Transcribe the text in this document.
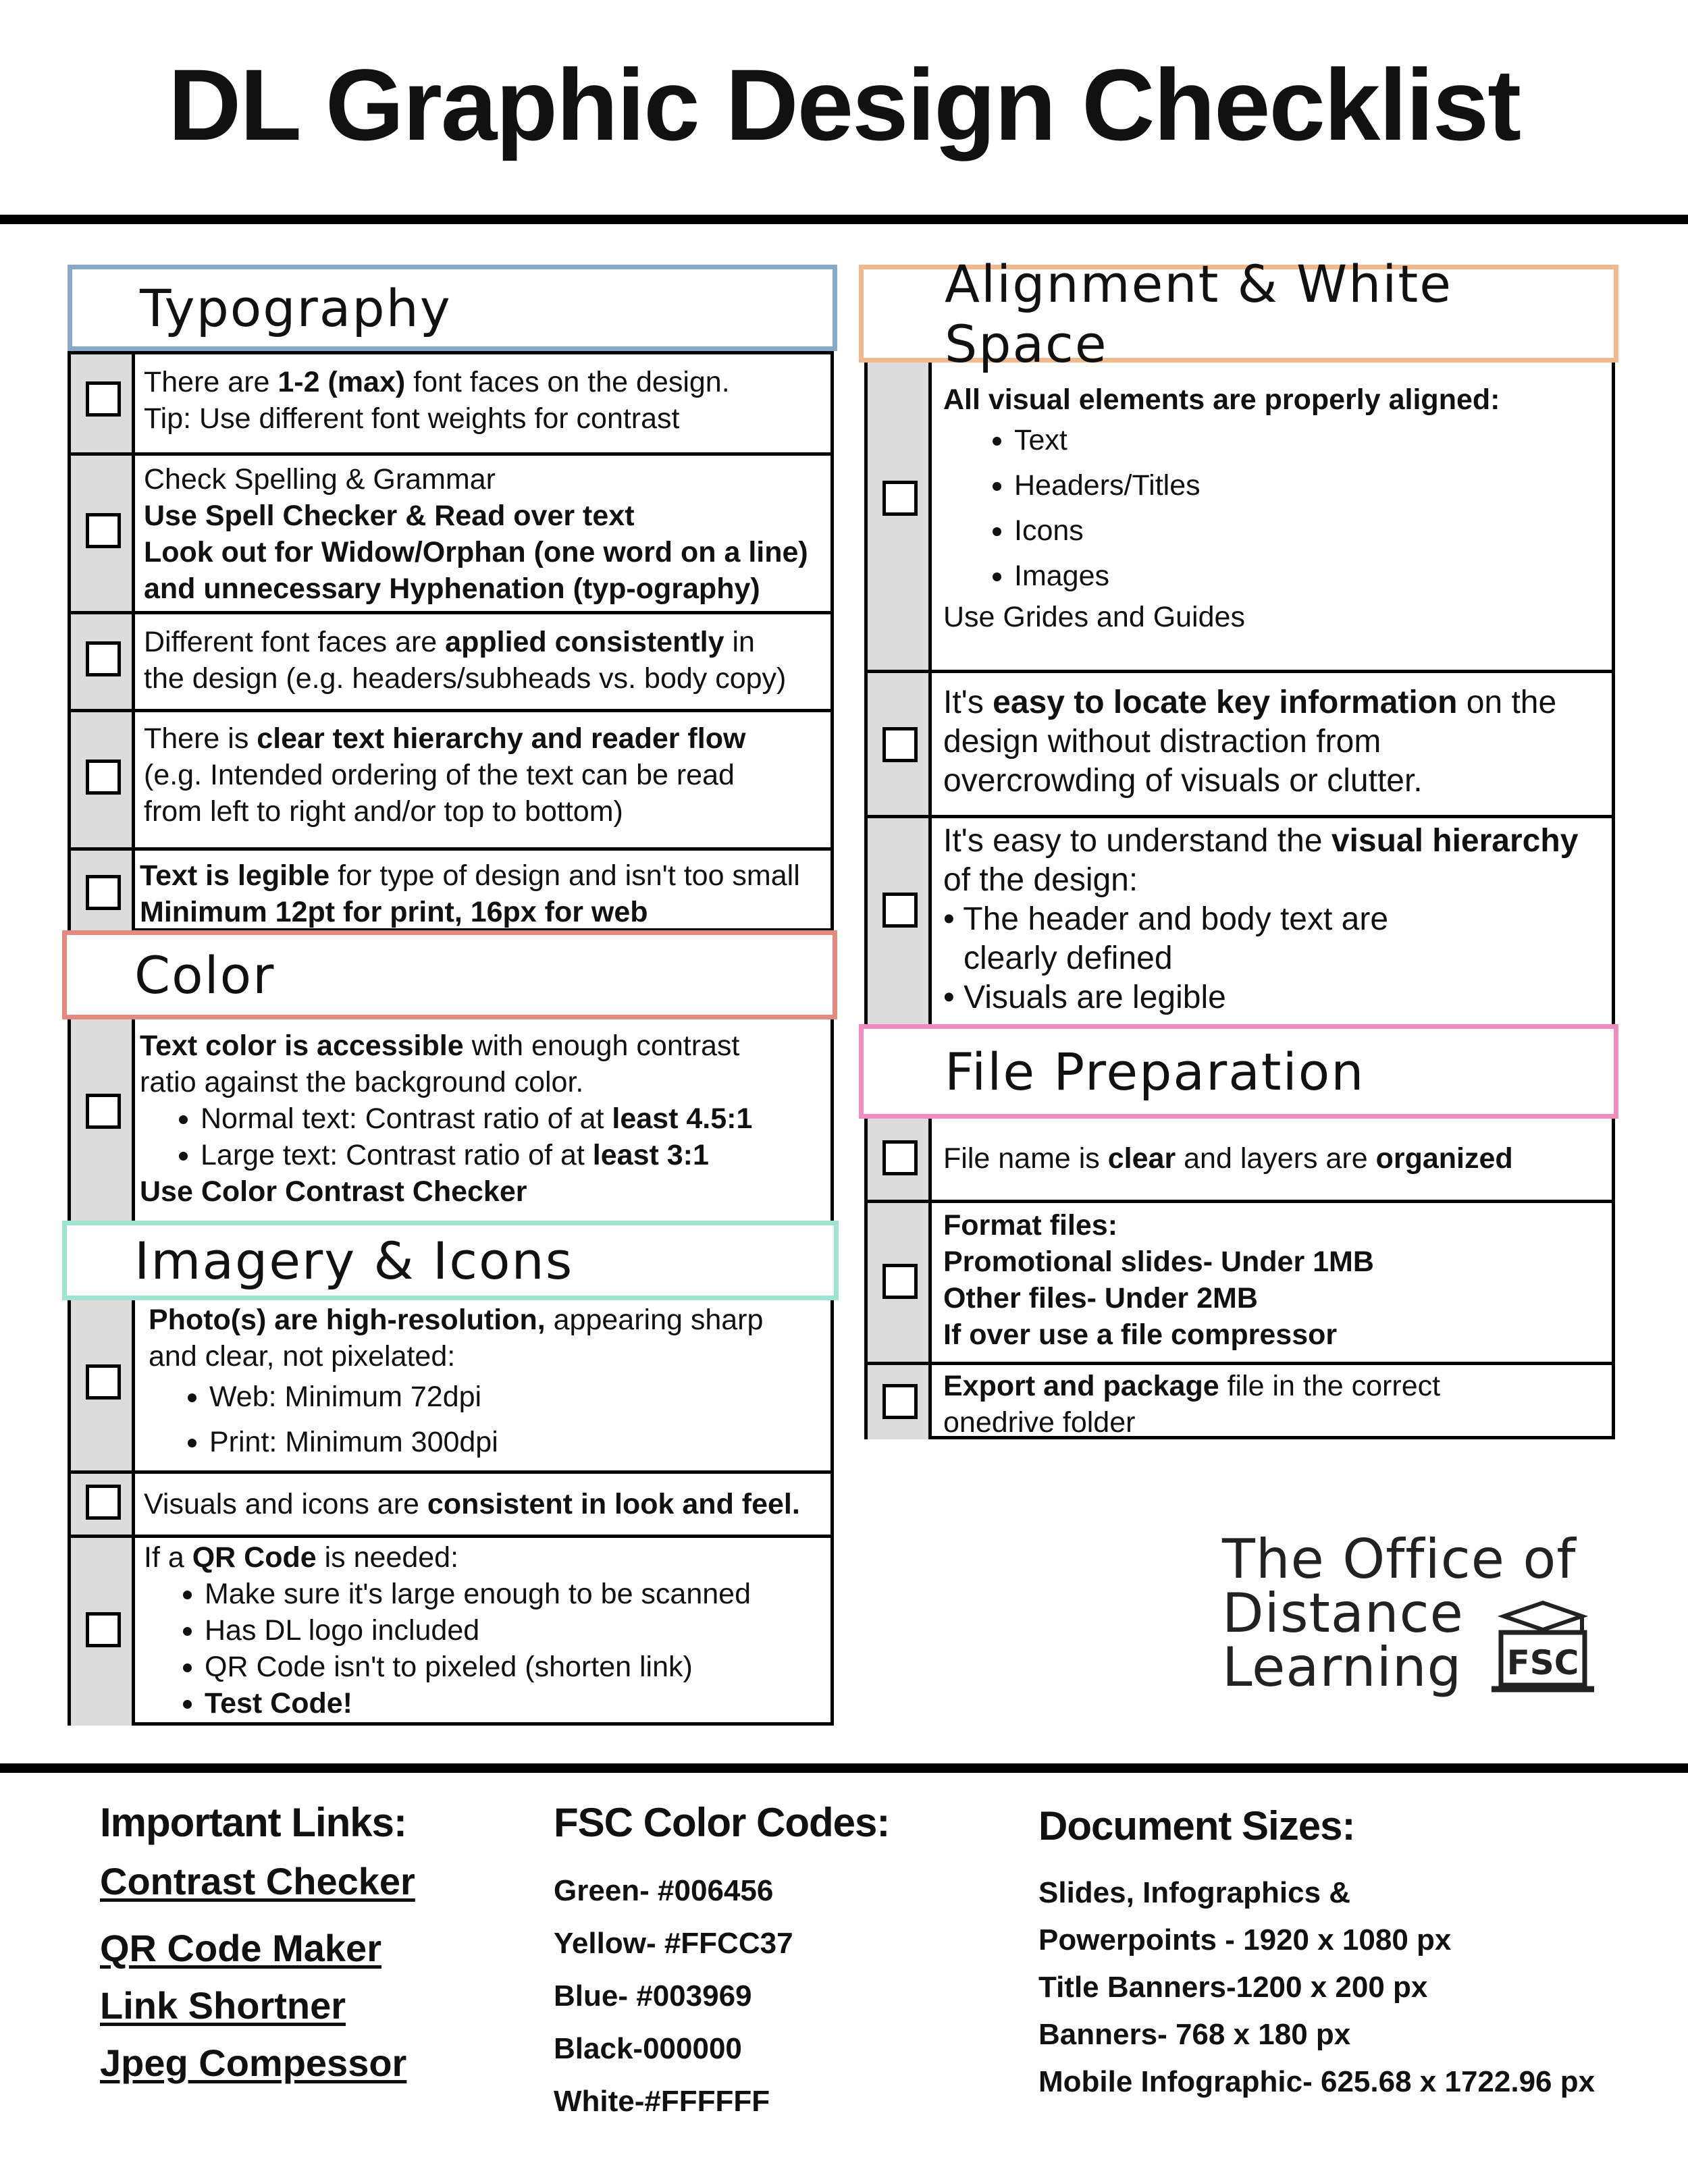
DL Graphic Design Checklist
Typography
There are 1-2 (max) font faces on the design.
Tip: Use different font weights for contrast
Check Spelling & Grammar
Use Spell Checker & Read over text
Look out for Widow/Orphan (one word on a line)
and unnecessary Hyphenation (typ-ography)
Different font faces are applied consistently in
the design (e.g. headers/subheads vs. body copy)
There is clear text hierarchy and reader flow
(e.g. Intended ordering of the text can be read
from left to right and/or top to bottom)
Text is legible for type of design and isn't too small
Minimum 12pt for print, 16px for web
Color
Text color is accessible with enough contrast
ratio against the background color.
• Normal text: Contrast ratio of at least 4.5:1
• Large text: Contrast ratio of at least 3:1
Use Color Contrast Checker
Imagery & Icons
Photo(s) are high-resolution, appearing sharp
and clear, not pixelated:
• Web: Minimum 72dpi
• Print: Minimum 300dpi
Visuals and icons are consistent in look and feel.
If a QR Code is needed:
• Make sure it's large enough to be scanned
• Has DL logo included
• QR Code isn't to pixeled (shorten link)
• Test Code!
Alignment & White Space
All visual elements are properly aligned:
• Text
• Headers/Titles
• Icons
• Images
Use Grides and Guides
It's easy to locate key information on the
design without distraction from
overcrowding of visuals or clutter.
It's easy to understand the visual hierarchy
of the design:
• The header and body text are
clearly defined
• Visuals are legible
File Preparation
File name is clear and layers are organized
Format files:
Promotional slides- Under 1MB
Other files- Under 2MB
If over use a file compressor
Export and package file in the correct
onedrive folder
The Office of
Distance
Learning	FSC
Important Links:
Contrast Checker
QR Code Maker
Link Shortner
Jpeg Compessor
FSC Color Codes:
Green- #006456
Yellow- #FFCC37
Blue- #003969
Black-000000
White-#FFFFFF
Document Sizes:
Slides, Infographics &
Powerpoints - 1920 x 1080 px
Title Banners-1200 x 200 px
Banners- 768 x 180 px
Mobile Infographic- 625.68 x 1722.96 px
